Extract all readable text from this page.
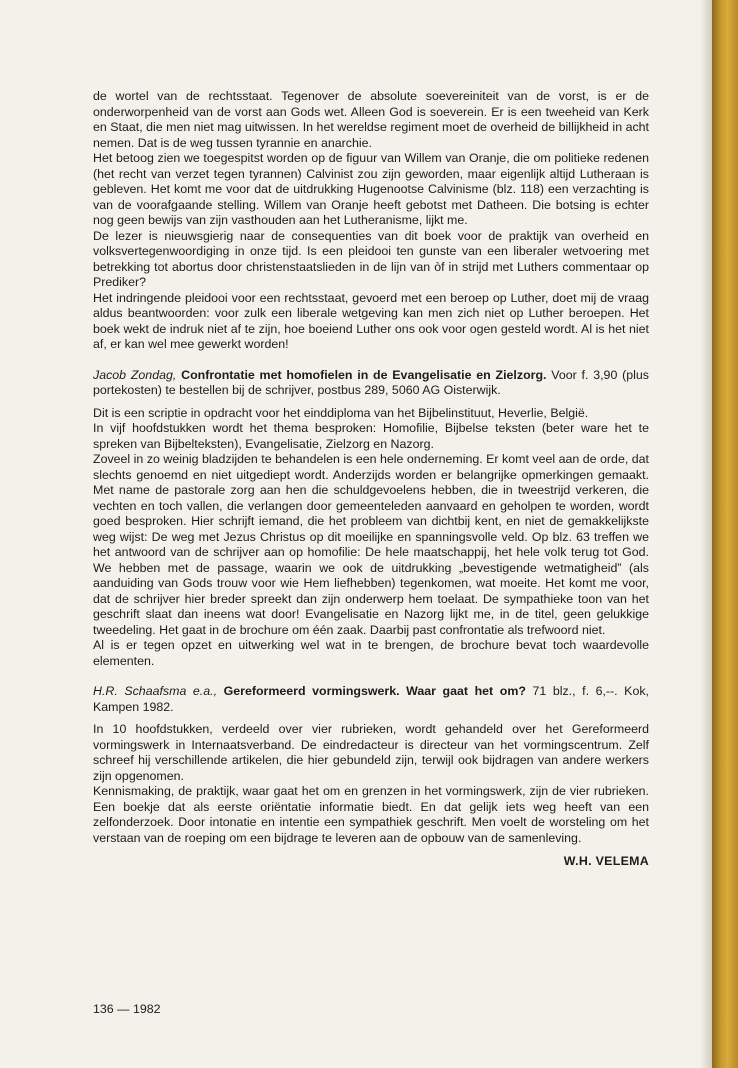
de wortel van de rechtsstaat. Tegenover de absolute soevereiniteit van de vorst, is er de onderworpenheid van de vorst aan Gods wet. Alleen God is soeverein. Er is een tweeheid van Kerk en Staat, die men niet mag uitwissen. In het wereldse regiment moet de overheid de billijkheid in acht nemen. Dat is de weg tussen tyrannie en anarchie.

Het betoog zien we toegespitst worden op de figuur van Willem van Oranje, die om politieke redenen (het recht van verzet tegen tyrannen) Calvinist zou zijn geworden, maar eigenlijk altijd Lutheraan is gebleven. Het komt me voor dat de uitdrukking Hugenootse Calvinisme (blz. 118) een verzachting is van de voorafgaande stelling. Willem van Oranje heeft gebotst met Datheen. Die botsing is echter nog geen bewijs van zijn vasthouden aan het Lutheranisme, lijkt me.

De lezer is nieuwsgierig naar de consequenties van dit boek voor de praktijk van overheid en volksvertegenwoordiging in onze tijd. Is een pleidooi ten gunste van een liberaler wetvoering met betrekking tot abortus door christenstaatslieden in de lijn van òf in strijd met Luthers commentaar op Prediker?

Het indringende pleidooi voor een rechtsstaat, gevoerd met een beroep op Luther, doet mij de vraag aldus beantwoorden: voor zulk een liberale wetgeving kan men zich niet op Luther beroepen. Het boek wekt de indruk niet af te zijn, hoe boeiend Luther ons ook voor ogen gesteld wordt. Al is het niet af, er kan wel mee gewerkt worden!

Jacob Zondag, Confrontatie met homofielen in de Evangelisatie en Zielzorg. Voor f. 3,90 (plus portekosten) te bestellen bij de schrijver, postbus 289, 5060 AG Oisterwijk.

Dit is een scriptie in opdracht voor het einddiploma van het Bijbelinstituut, Heverlie, België.

In vijf hoofdstukken wordt het thema besproken: Homofilie, Bijbelse teksten (beter ware het te spreken van Bijbelteksten), Evangelisatie, Zielzorg en Nazorg.

Zoveel in zo weinig bladzijden te behandelen is een hele onderneming. Er komt veel aan de orde, dat slechts genoemd en niet uitgediept wordt. Anderzijds worden er belangrijke opmerkingen gemaakt. Met name de pastorale zorg aan hen die schuldgevoelens hebben, die in tweestrijd verkeren, die vechten en toch vallen, die verlangen door gemeenteleden aanvaard en geholpen te worden, wordt goed besproken. Hier schrijft iemand, die het probleem van dichtbij kent, en niet de gemakkelijkste weg wijst: De weg met Jezus Christus op dit moeilijke en spanningsvolle veld. Op blz. 63 treffen we het antwoord van de schrijver aan op homofilie: De hele maatschappij, het hele volk terug tot God. We hebben met de passage, waarin we ook de uitdrukking „bevestigende wetmatigheid” (als aanduiding van Gods trouw voor wie Hem liefhebben) tegenkomen, wat moeite. Het komt me voor, dat de schrijver hier breder spreekt dan zijn onderwerp hem toelaat. De sympathieke toon van het geschrift slaat dan ineens wat door! Evangelisatie en Nazorg lijkt me, in de titel, geen gelukkige tweedeling. Het gaat in de brochure om één zaak. Daarbij past confrontatie als trefwoord niet.

Al is er tegen opzet en uitwerking wel wat in te brengen, de brochure bevat toch waardevolle elementen.

H.R. Schaafsma e.a., Gereformeerd vormingswerk. Waar gaat het om? 71 blz., f. 6,--. Kok, Kampen 1982.

In 10 hoofdstukken, verdeeld over vier rubrieken, wordt gehandeld over het Gereformeerd vormingswerk in Internaatsverband. De eindredacteur is directeur van het vormingscentrum. Zelf schreef hij verschillende artikelen, die hier gebundeld zijn, terwijl ook bijdragen van andere werkers zijn opgenomen.

Kennismaking, de praktijk, waar gaat het om en grenzen in het vormingswerk, zijn de vier rubrieken. Een boekje dat als eerste oriëntatie informatie biedt. En dat gelijk iets weg heeft van een zelfonderzoek. Door intonatie en intentie een sympathiek geschrift. Men voelt de worsteling om het verstaan van de roeping om een bijdrage te leveren aan de opbouw van de samenleving.

W.H. VELEMA
136 — 1982
